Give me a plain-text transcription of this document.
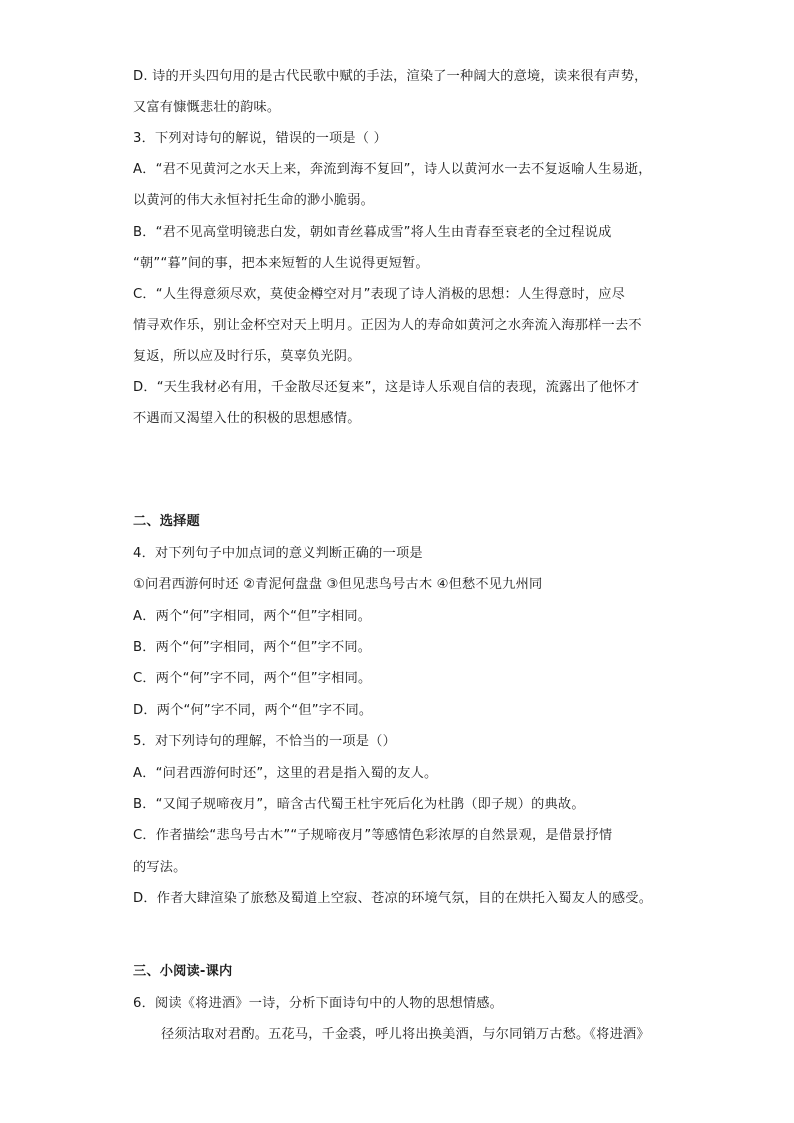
D. 诗的开头四句用的是古代民歌中赋的手法，渲染了一种阔大的意境，读来很有声势，
又富有慷慨悲壮的韵味。
3．下列对诗句的解说，错误的一项是（ ）
A．“君不见黄河之水天上来，奔流到海不复回”，诗人以黄河水一去不复返喻人生易逝，
以黄河的伟大永恒衬托生命的渺小脆弱。
B．“君不见高堂明镜悲白发，朝如青丝暮成雪”将人生由青春至衰老的全过程说成
“朝”“暮”间的事，把本来短暂的人生说得更短暂。
C．“人生得意须尽欢，莫使金樽空对月”表现了诗人消极的思想：人生得意时，应尽
情寻欢作乐，别让金杯空对天上明月。正因为人的寿命如黄河之水奔流入海那样一去不
复返，所以应及时行乐，莫辜负光阴。
D．“天生我材必有用，千金散尽还复来”，这是诗人乐观自信的表现，流露出了他怀才
不遇而又渴望入仕的积极的思想感情。
二、选择题
4．对下列句子中加点词的意义判断正确的一项是
①问君西游何时还 ②青泥何盘盘 ③但见悲鸟号古木 ④但愁不见九州同
A．两个“何”字相同，两个“但”字相同。
B．两个“何”字相同，两个“但”字不同。
C．两个“何”字不同，两个“但”字相同。
D．两个“何”字不同，两个“但”字不同。
5．对下列诗句的理解，不恰当的一项是（）
A．“问君西游何时还”，这里的君是指入蜀的友人。
B．“又闻子规啼夜月”，暗含古代蜀王杜宇死后化为杜鹃（即子规）的典故。
C．作者描绘“悲鸟号古木”“子规啼夜月”等感情色彩浓厚的自然景观，是借景抒情
的写法。
D．作者大肆渲染了旅愁及蜀道上空寂、苍凉的环境气氛，目的在烘托入蜀友人的感受。
三、小阅读-课内
6．阅读《将进酒》一诗，分析下面诗句中的人物的思想情感。
径须沽取对君酌。五花马，千金裘，呼儿将出换美酒，与尔同销万古愁。《将进酒》
